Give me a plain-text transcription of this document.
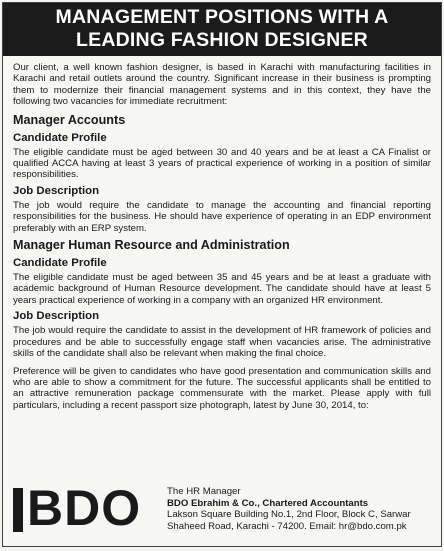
MANAGEMENT POSITIONS WITH A
LEADING FASHION DESIGNER

Our client, a well known fashion designer, is based in Karachi with manufacturing facilities in Karachi and retail outlets around the country. Significant increase in their business is prompting them to modernize their financial management systems and in this context, they have the following two vacancies for immediate recruitment:

Manager Accounts
Candidate Profile

The eligible candidate must be aged between 30 and 40 years and be at least a CA Finalist or qualified ACCA having at least 3 years of practical experience of working in a position of similar responsibilities.

Job Description

The job would require the candidate to manage the accounting and financial reporting responsibilities for the business. He should have experience of operating in an EDP environment preferably with an ERP system.

Manager Human Resource and Administration
Candidate Profile

The eligible candidate must be aged between 35 and 45 years and be at least a graduate with academic background of Human Resource development. The candidate should have at least 5 years practical experience of working in a company with an organized HR environment.

Job Description

The job would require the candidate to assist in the development of HR framework of policies and procedures and be able to successfully engage staff when vacancies arise. The administrative skills of the candidate shall also be relevant when making the final choice.

Preference will be given to candidates who have good presentation and communication skills and who are able to show a commitment for the future. The successful applicants shall be entitled to an attractive remuneration package commensurate with the market. Please apply with full particulars, including a recent passport size photograph, latest by June 30, 2014, to:

BDO	The HR Manager
BDO Ebrahim & Co., Chartered Accountants
Lakson Square Building No.1, 2nd Floor, Block C, Sarwar
Shaheed Road, Karachi - 74200. Email: hr@bdo.com.pk
